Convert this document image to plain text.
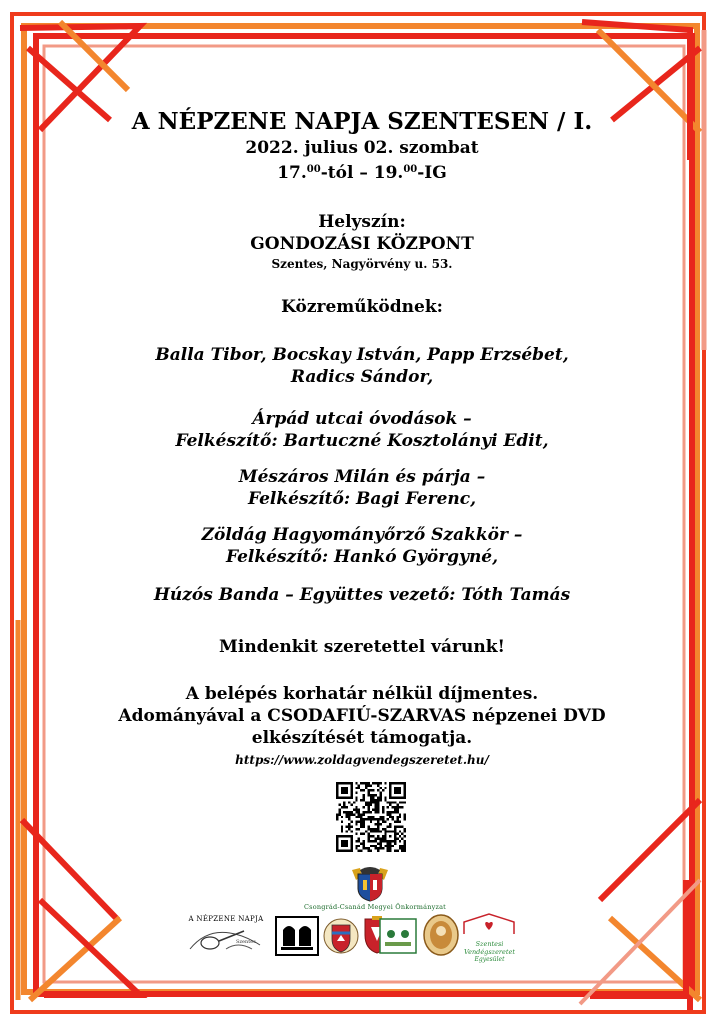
A NÉPZENE NAPJA SZENTESEN / I.
2022. julius 02. szombat
17.00-tól – 19.00-IG
Helyszín:
GONDOZÁSI KÖZPONT
Szentes, Nagyörvény u. 53.
Közreműködnek:
Balla Tibor, Bocskay István, Papp Erzsébet,
Radics Sándor,
Árpád utcai óvodások –
Felkészítő: Bartuczné Kosztolányi Edit,
Mészáros Milán és párja –
Felkészítő: Bagi Ferenc,
Zöldág Hagyományőrző Szakkör –
Felkészítő: Hankó Györgyné,
Húzós Banda – Együttes vezető: Tóth Tamás
Mindenkit szeretettel várunk!
A belépés korhatár nélkül díjmentes.
Adományával a CSODAFIÚ-SZARVAS népzenei DVD
elkészítését támogatja.
https://www.zoldagvendegszeretet.hu/
Csongrád-Csanád Megyei Önkormányzat
A NÉPZENE NAPJA
Szentes	Szentesi Vendégszeretet
Egyesület
